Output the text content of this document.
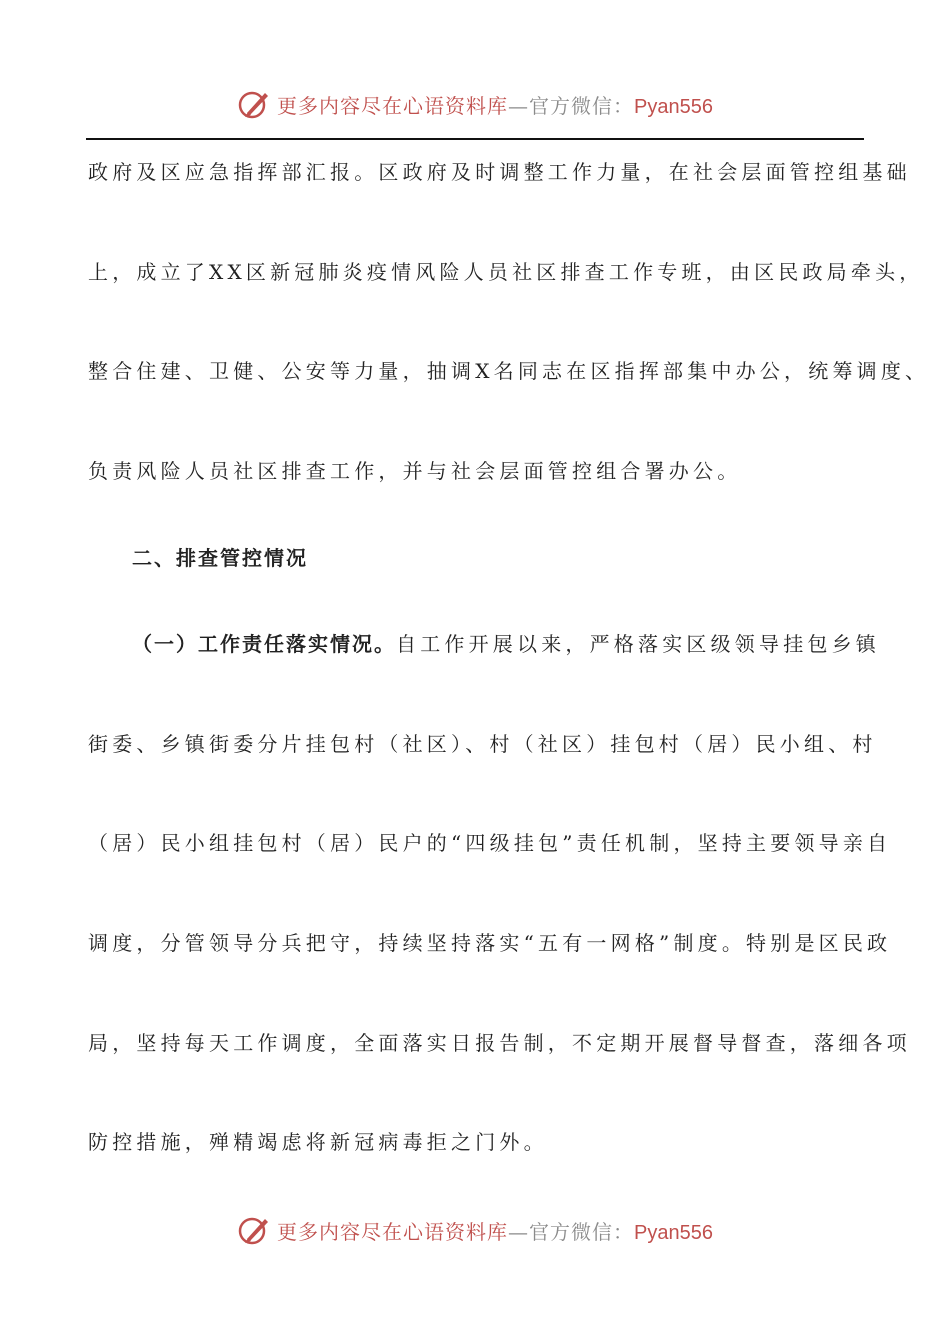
更多内容尽在心语资料库—官方微信：Pyan556
政府及区应急指挥部汇报。区政府及时调整工作力量，在社会层面管控组基础
上，成立了XX区新冠肺炎疫情风险人员社区排查工作专班，由区民政局牵头，
整合住建、卫健、公安等力量，抽调X名同志在区指挥部集中办公，统筹调度、
负责风险人员社区排查工作，并与社会层面管控组合署办公。
二、排查管控情况
（一）工作责任落实情况。自工作开展以来，严格落实区级领导挂包乡镇
街委、乡镇街委分片挂包村（社区）、村（社区）挂包村（居）民小组、村
（居）民小组挂包村（居）民户的“四级挂包”责任机制，坚持主要领导亲自
调度，分管领导分兵把守，持续坚持落实“五有一网格”制度。特别是区民政
局，坚持每天工作调度，全面落实日报告制，不定期开展督导督查，落细各项
防控措施，殚精竭虑将新冠病毒拒之门外。
更多内容尽在心语资料库—官方微信：Pyan556
